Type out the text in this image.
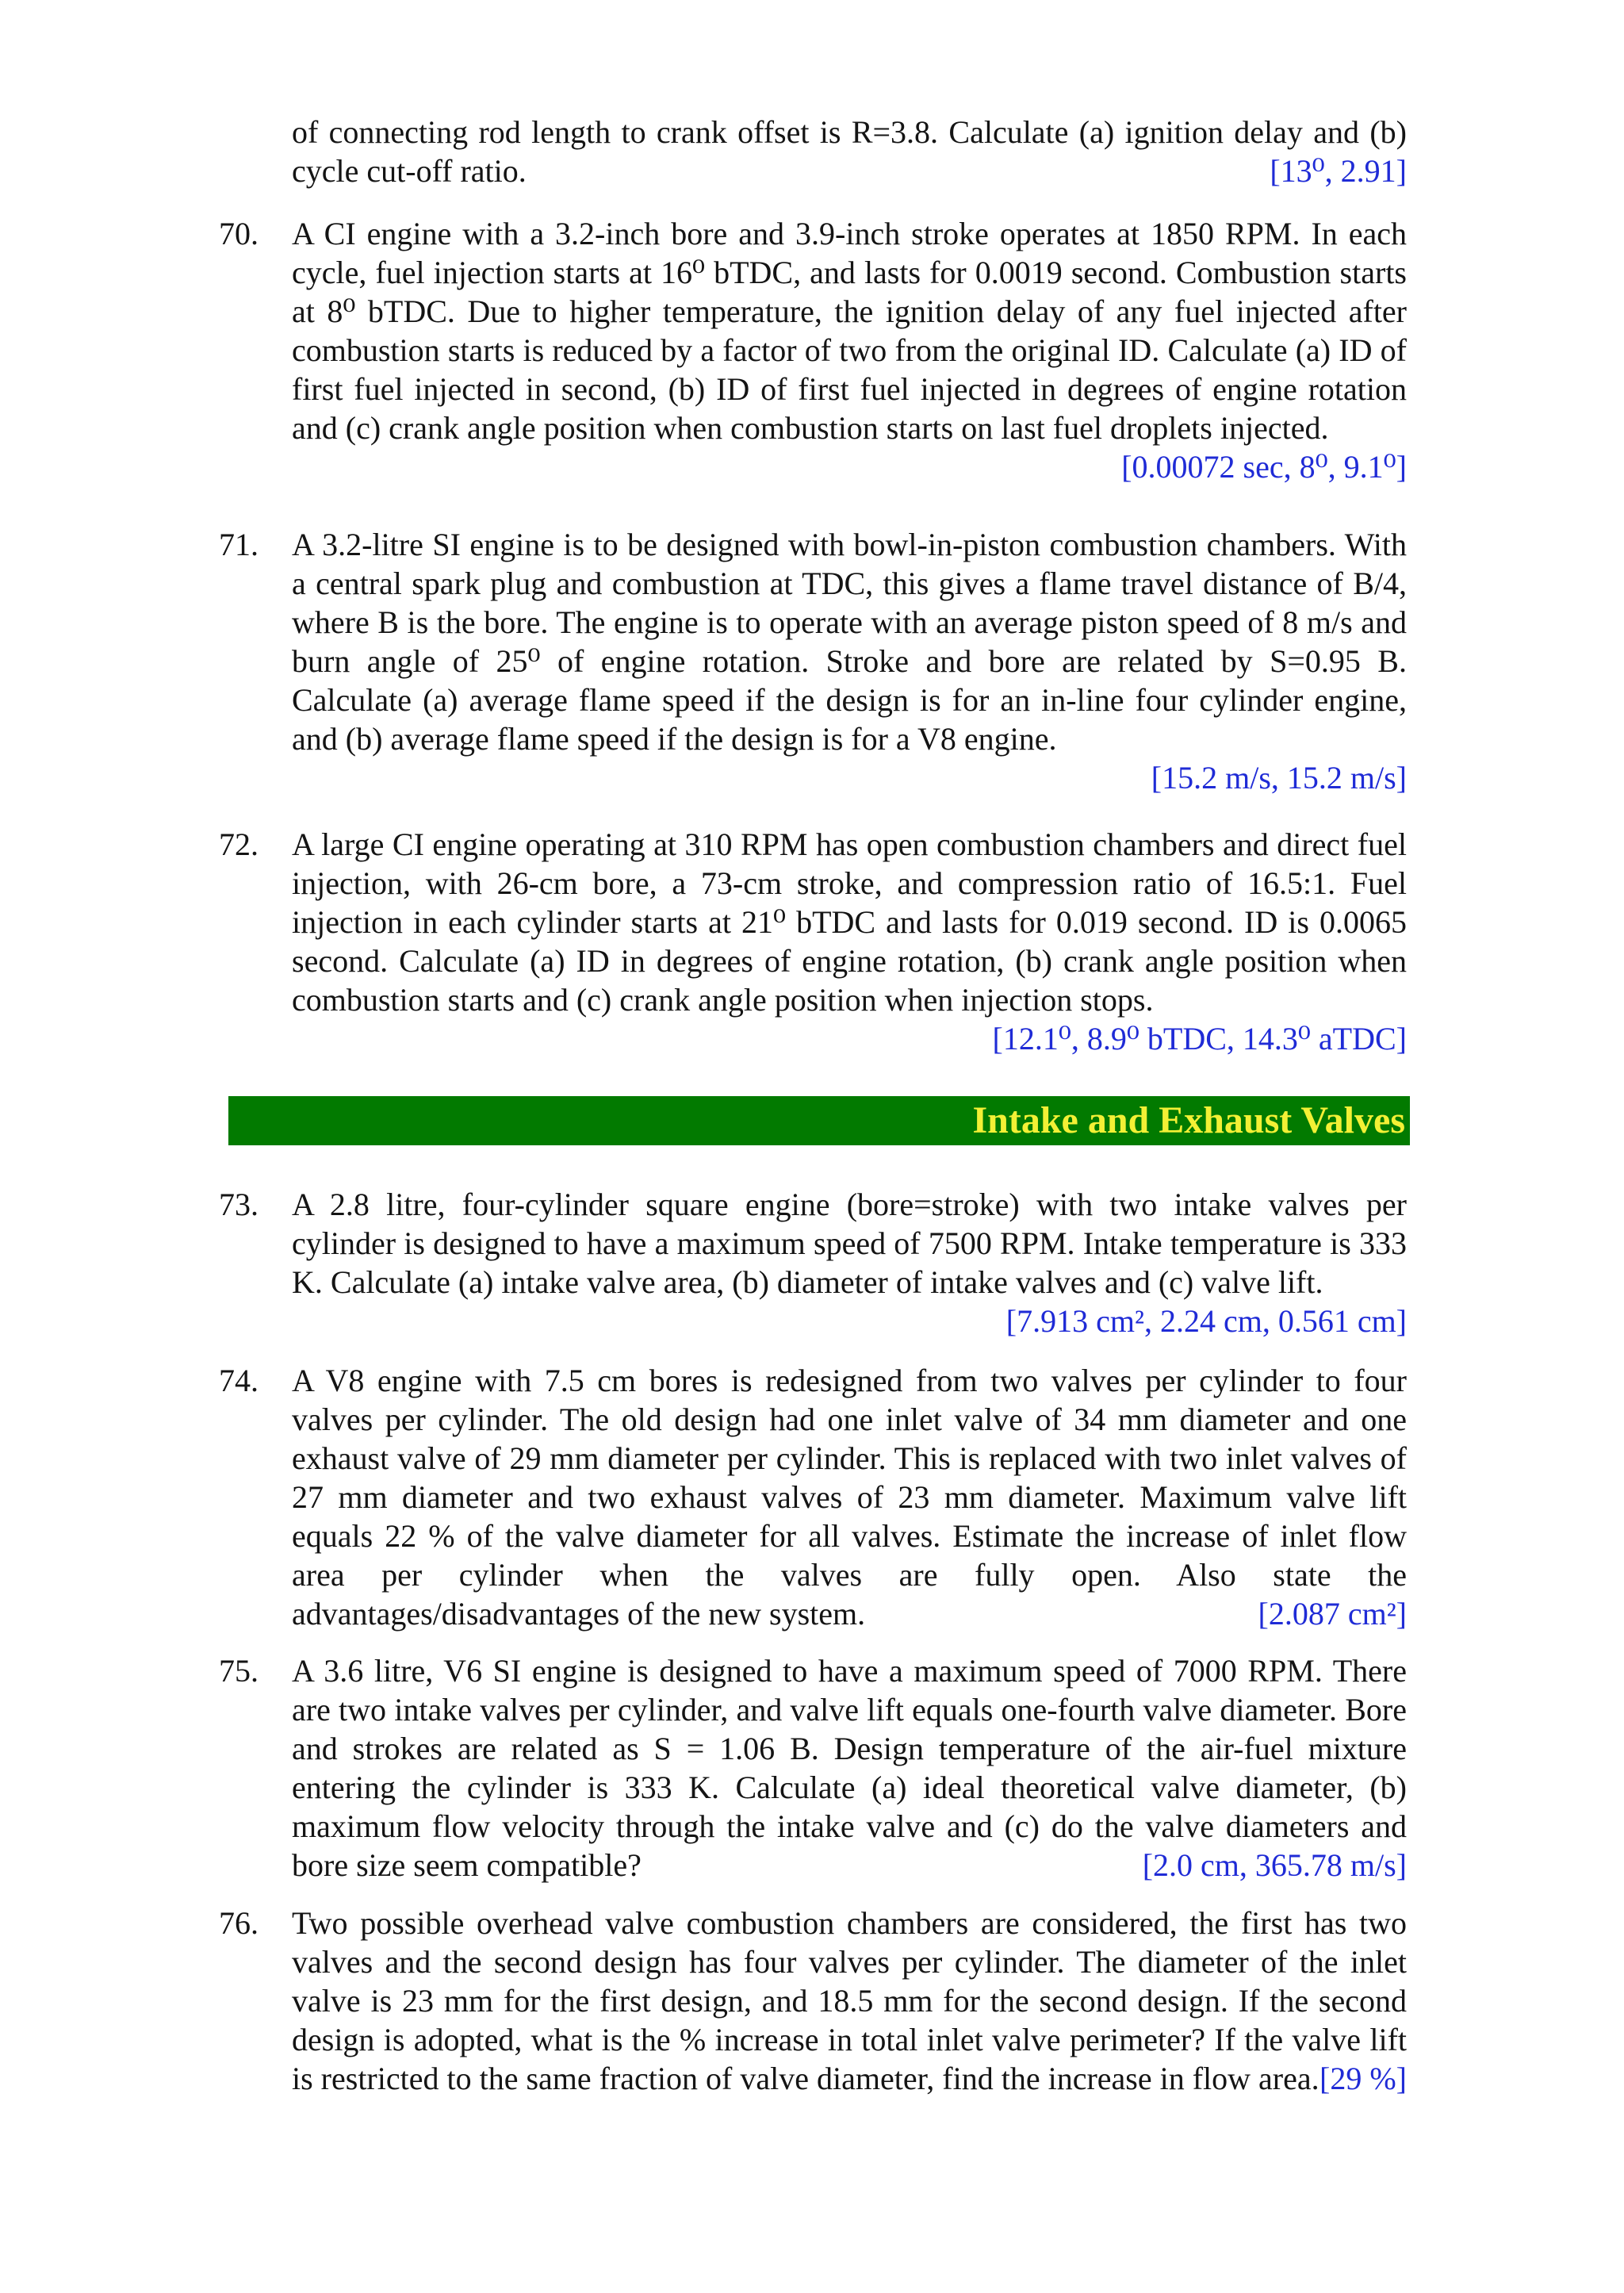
of connecting rod length to crank offset is R=3.8. Calculate (a) ignition delay and (b) cycle cut-off ratio.	[13⁰, 2.91]
70. A CI engine with a 3.2-inch bore and 3.9-inch stroke operates at 1850 RPM. In each cycle, fuel injection starts at 16⁰ bTDC, and lasts for 0.0019 second. Combustion starts at 8⁰ bTDC. Due to higher temperature, the ignition delay of any fuel injected after combustion starts is reduced by a factor of two from the original ID. Calculate (a) ID of first fuel injected in second, (b) ID of first fuel injected in degrees of engine rotation and (c) crank angle position when combustion starts on last fuel droplets injected.
[0.00072 sec, 8⁰, 9.1⁰]
71. A 3.2-litre SI engine is to be designed with bowl-in-piston combustion chambers. With a central spark plug and combustion at TDC, this gives a flame travel distance of B/4, where B is the bore. The engine is to operate with an average piston speed of 8 m/s and burn angle of 25⁰ of engine rotation. Stroke and bore are related by S=0.95 B. Calculate (a) average flame speed if the design is for an in-line four cylinder engine, and (b) average flame speed if the design is for a V8 engine.
[15.2 m/s, 15.2 m/s]
72. A large CI engine operating at 310 RPM has open combustion chambers and direct fuel injection, with 26-cm bore, a 73-cm stroke, and compression ratio of 16.5:1. Fuel injection in each cylinder starts at 21⁰ bTDC and lasts for 0.019 second. ID is 0.0065 second. Calculate (a) ID in degrees of engine rotation, (b) crank angle position when combustion starts and (c) crank angle position when injection stops.
[12.1⁰, 8.9⁰ bTDC, 14.3⁰ aTDC]
Intake and Exhaust Valves
73. A 2.8 litre, four-cylinder square engine (bore=stroke) with two intake valves per cylinder is designed to have a maximum speed of 7500 RPM. Intake temperature is 333 K. Calculate (a) intake valve area, (b) diameter of intake valves and (c) valve lift.
[7.913 cm², 2.24 cm, 0.561 cm]
74. A V8 engine with 7.5 cm bores is redesigned from two valves per cylinder to four valves per cylinder. The old design had one inlet valve of 34 mm diameter and one exhaust valve of 29 mm diameter per cylinder. This is replaced with two inlet valves of 27 mm diameter and two exhaust valves of 23 mm diameter. Maximum valve lift equals 22 % of the valve diameter for all valves. Estimate the increase of inlet flow area per cylinder when the valves are fully open. Also state the advantages/disadvantages of the new system.	[2.087 cm²]
75. A 3.6 litre, V6 SI engine is designed to have a maximum speed of 7000 RPM. There are two intake valves per cylinder, and valve lift equals one-fourth valve diameter. Bore and strokes are related as S = 1.06 B. Design temperature of the air-fuel mixture entering the cylinder is 333 K. Calculate (a) ideal theoretical valve diameter, (b) maximum flow velocity through the intake valve and (c) do the valve diameters and bore size seem compatible?	[2.0 cm, 365.78 m/s]
76. Two possible overhead valve combustion chambers are considered, the first has two valves and the second design has four valves per cylinder. The diameter of the inlet valve is 23 mm for the first design, and 18.5 mm for the second design. If the second design is adopted, what is the % increase in total inlet valve perimeter? If the valve lift is restricted to the same fraction of valve diameter, find the increase in flow area. [29 %]
